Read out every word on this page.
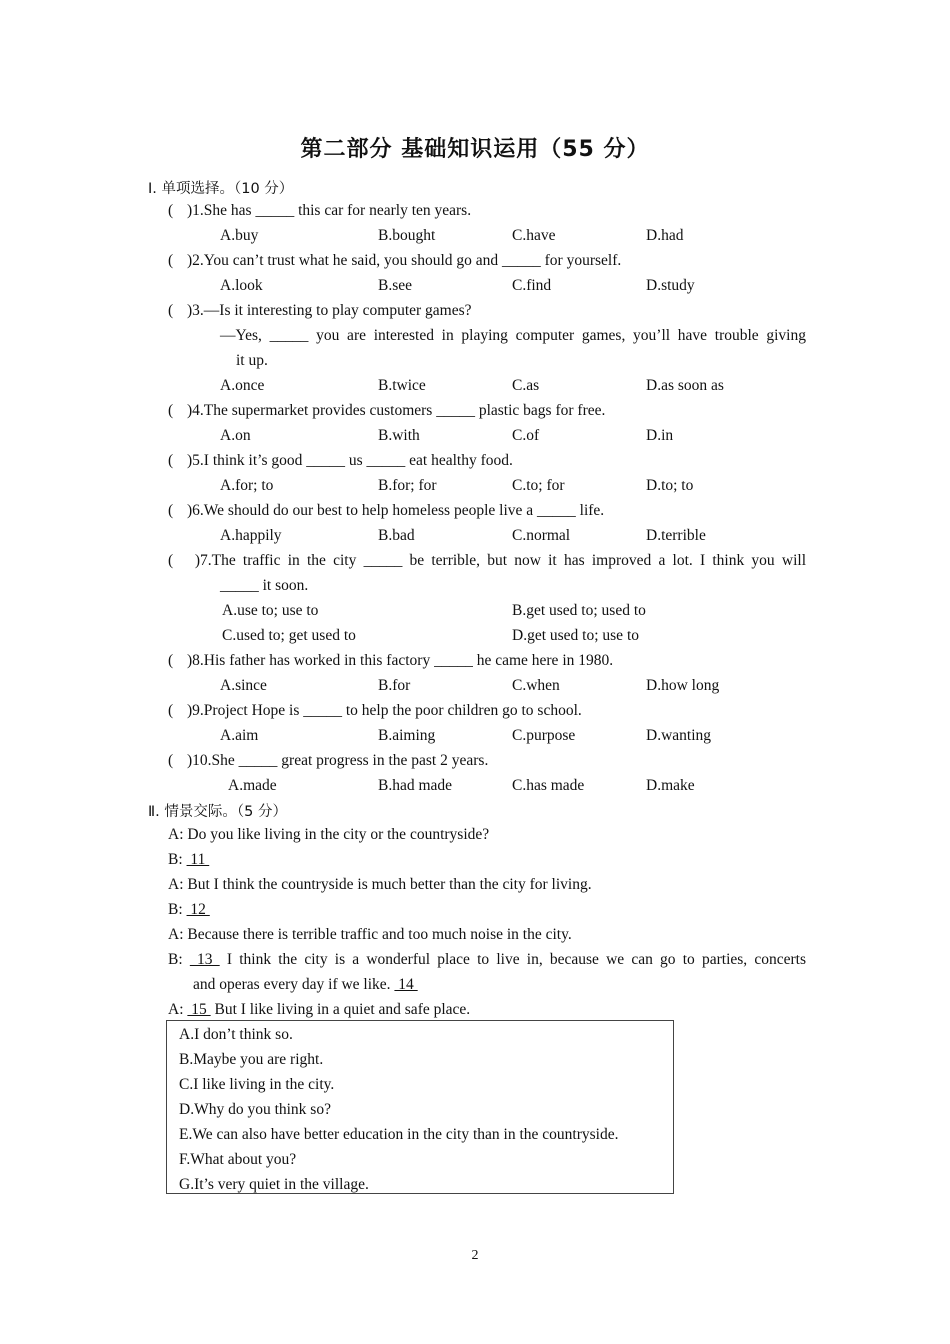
第二部分 基础知识运用（55 分）
Ⅰ. 单项选择。（10 分）
( )1.She has _____ this car for nearly ten years.
A.buy	B.bought	C.have	D.had
( )2.You can’t trust what he said, you should go and _____ for yourself.
A.look	B.see	C.find	D.study
( )3.—Is it interesting to play computer games?
—Yes, _____ you are interested in playing computer games, you’ll have trouble giving
it up.
A.once	B.twice	C.as	D.as soon as
( )4.The supermarket provides customers _____ plastic bags for free.
A.on	B.with	C.of	D.in
( )5.I think it’s good _____ us _____ eat healthy food.
A.for; to	B.for; for	C.to; for	D.to; to
( )6.We should do our best to help homeless people live a _____ life.
A.happily	B.bad	C.normal	D.terrible
( )7.The traffic in the city _____ be terrible, but now it has improved a lot. I think you will
_____ it soon.
A.use to; use to	B.get used to; used to
C.used to; get used to	D.get used to; use to
( )8.His father has worked in this factory _____ he came here in 1980.
A.since	B.for	C.when	D.how long
( )9.Project Hope is _____ to help the poor children go to school.
A.aim	B.aiming	C.purpose	D.wanting
( )10.She _____ great progress in the past 2 years.
A.made	B.had made	C.has made	D.make
Ⅱ. 情景交际。（5 分）
A: Do you like living in the city or the countryside?
B:  11
A: But I think the countryside is much better than the city for living.
B:  12
A: Because there is terrible traffic and too much noise in the city.
B:  13  I think the city is a wonderful place to live in, because we can go to parties, concerts
and operas every day if we like.  14
A:  15  But I like living in a quiet and safe place.
A.I don’t think so.
B.Maybe you are right.
C.I like living in the city.
D.Why do you think so?
E.We can also have better education in the city than in the countryside.
F.What about you?
G.It’s very quiet in the village.
2
